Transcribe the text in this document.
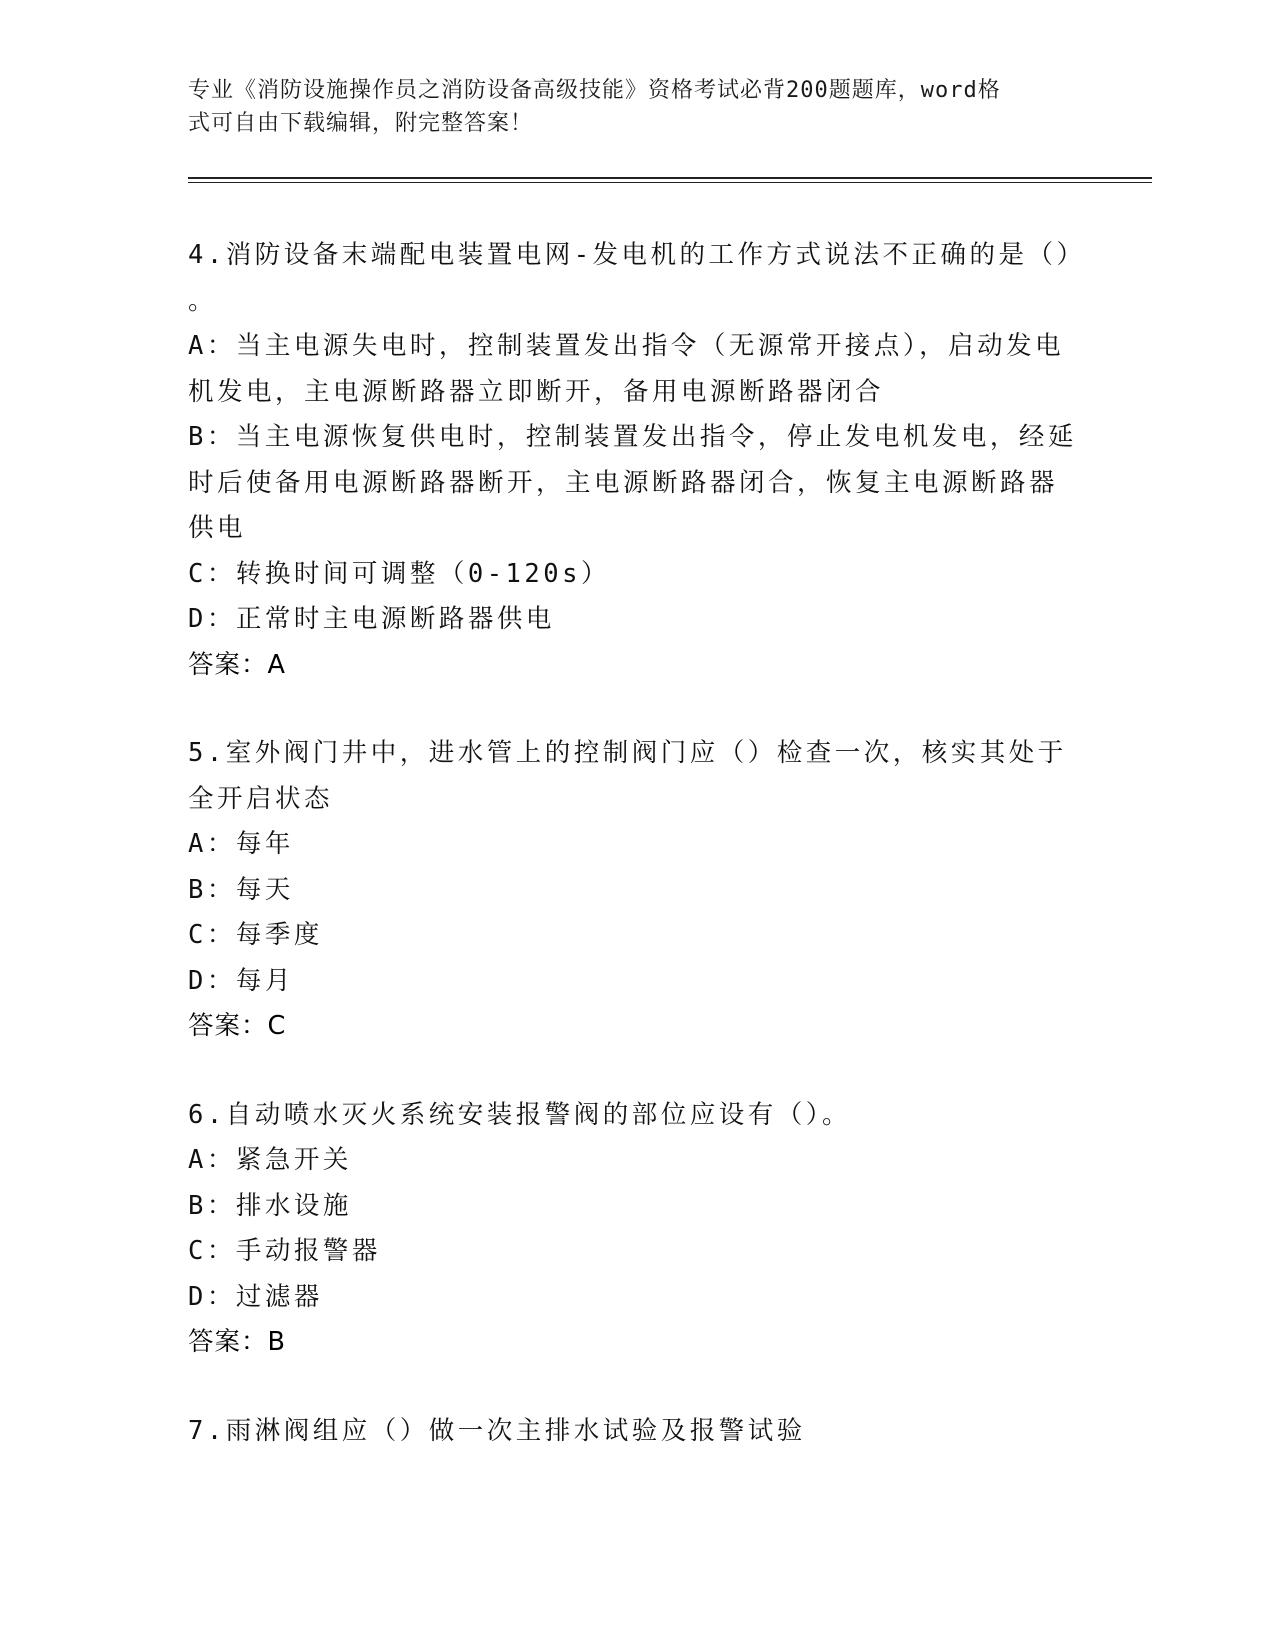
专业《消防设施操作员之消防设备高级技能》资格考试必背200题题库，word格
式可自由下载编辑，附完整答案！
4.消防设备末端配电装置电网-发电机的工作方式说法不正确的是（）
。
A：当主电源失电时，控制装置发出指令（无源常开接点），启动发电
机发电，主电源断路器立即断开，备用电源断路器闭合
B：当主电源恢复供电时，控制装置发出指令，停止发电机发电，经延
时后使备用电源断路器断开，主电源断路器闭合，恢复主电源断路器
供电
C：转换时间可调整（0-120s）
D：正常时主电源断路器供电
答案：A
5.室外阀门井中，进水管上的控制阀门应（）检查一次，核实其处于
全开启状态
A：每年
B：每天
C：每季度
D：每月
答案：C
6.自动喷水灭火系统安装报警阀的部位应设有（）。
A：紧急开关
B：排水设施
C：手动报警器
D：过滤器
答案：B
7.雨淋阀组应（）做一次主排水试验及报警试验
